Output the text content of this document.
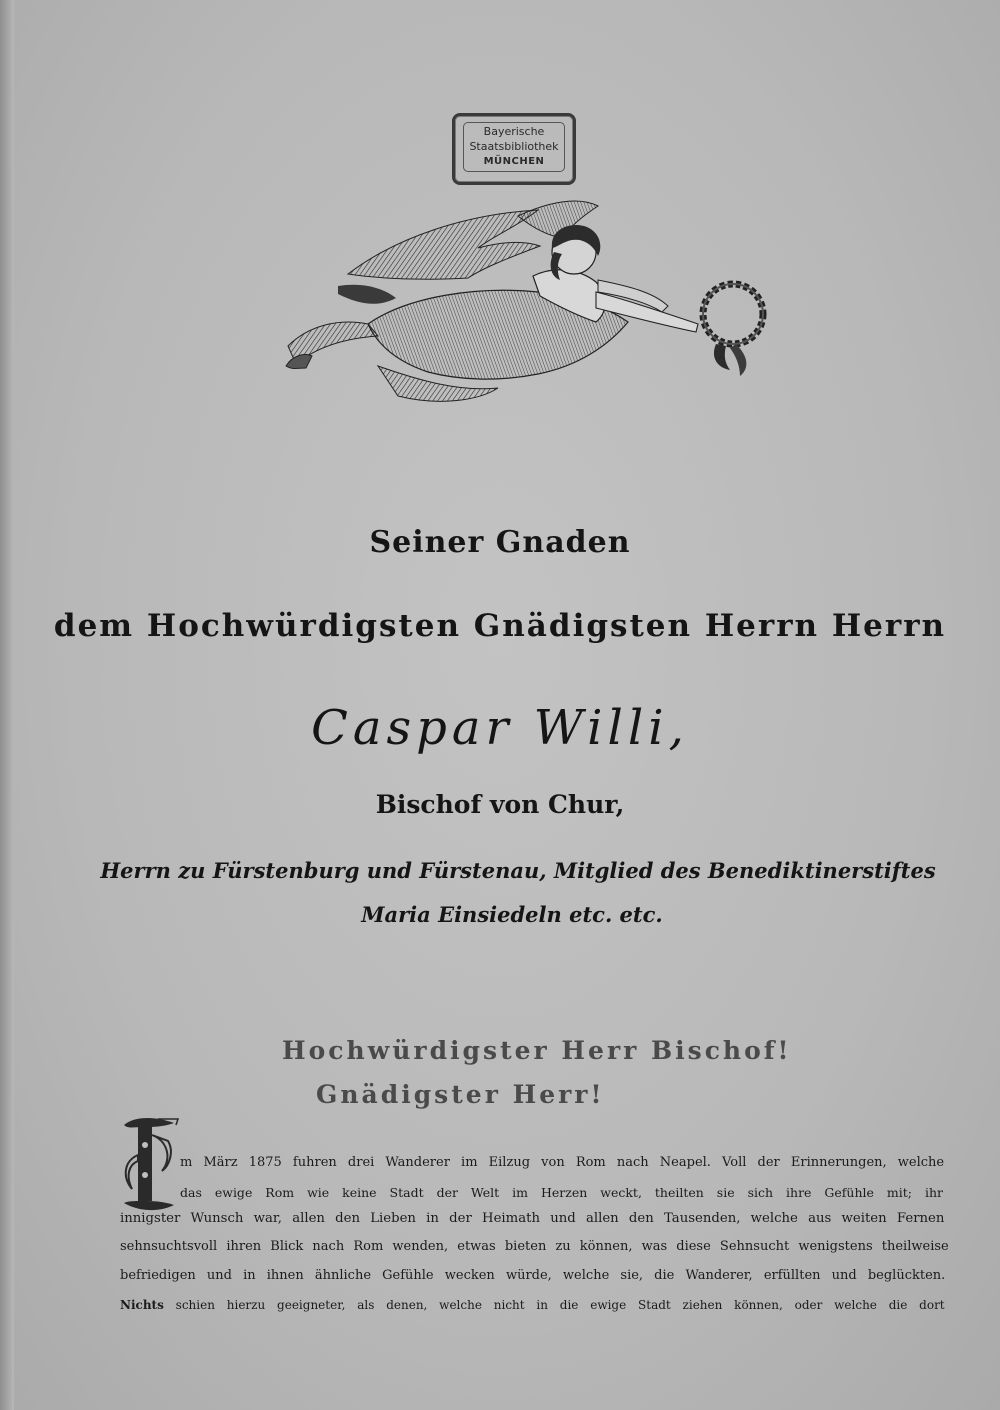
Bayerische
Staatsbibliothek
MÜNCHEN
Seiner Gnaden
dem Hochwürdigsten Gnädigsten Herrn Herrn
Caspar Willi,
Bischof von Chur,
Herrn zu Fürstenburg und Fürstenau, Mitglied des Benediktinerstiftes
Maria Einsiedeln etc. etc.
Hochwürdigster Herr Bischof!
Gnädigster Herr!
m März 1875 fuhren drei Wanderer im Eilzug von Rom nach Neapel. Voll der Erinnerungen, welche
das ewige Rom wie keine Stadt der Welt im Herzen weckt, theilten sie sich ihre Gefühle mit; ihr
innigster Wunsch war, allen den Lieben in der Heimath und allen den Tausenden, welche aus weiten Fernen
sehnsuchtsvoll ihren Blick nach Rom wenden, etwas bieten zu können, was diese Sehnsucht wenigstens theilweise
befriedigen und in ihnen ähnliche Gefühle wecken würde, welche sie, die Wanderer, erfüllten und beglückten.
Nichts schien hierzu geeigneter, als denen, welche nicht in die ewige Stadt ziehen können, oder welche die dort
